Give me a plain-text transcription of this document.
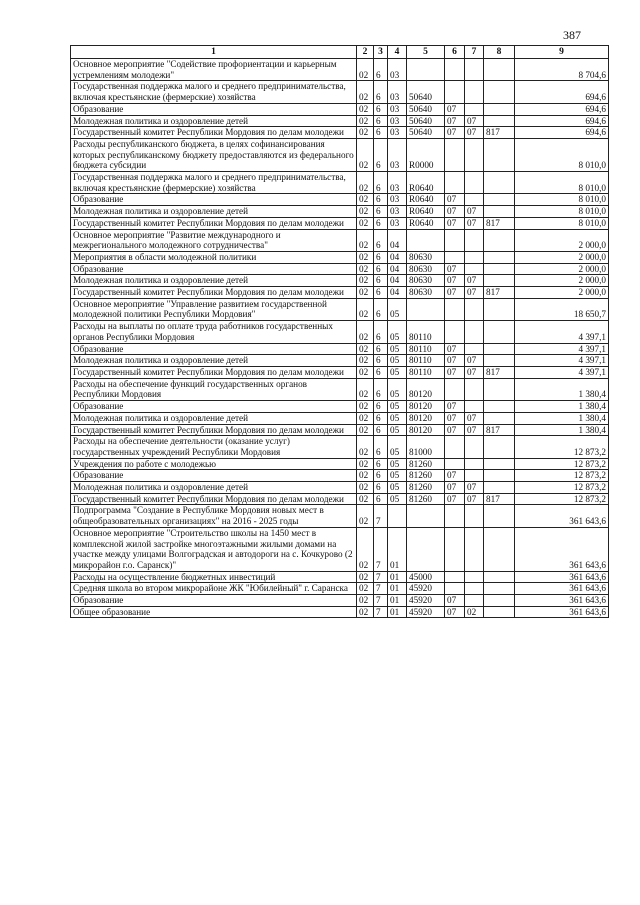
387
1	2	3	4	5	6	7	8	9
Основное мероприятие "Содействие профориентации и карьерным устремлениям молодежи"	02	6	03					8 704,6
Государственная поддержка малого и среднего предпринимательства, включая крестьянские (фермерские) хозяйства	02	6	03	50640				694,6
Образование	02	6	03	50640	07			694,6
Молодежная политика и оздоровление детей	02	6	03	50640	07	07		694,6
Государственный комитет Республики Мордовия по делам молодежи	02	6	03	50640	07	07	817	694,6
Расходы республиканского бюджета, в целях софинансирования которых республиканскому бюджету предоставляются из федерального бюджета субсидии	02	6	03	R0000				8 010,0
Государственная поддержка малого и среднего предпринимательства, включая крестьянские (фермерские) хозяйства	02	6	03	R0640				8 010,0
Образование	02	6	03	R0640	07			8 010,0
Молодежная политика и оздоровление детей	02	6	03	R0640	07	07		8 010,0
Государственный комитет Республики Мордовия по делам молодежи	02	6	03	R0640	07	07	817	8 010,0
Основное мероприятие "Развитие международного и межрегионального молодежного сотрудничества"	02	6	04					2 000,0
Мероприятия в области молодежной политики	02	6	04	80630				2 000,0
Образование	02	6	04	80630	07			2 000,0
Молодежная политика и оздоровление детей	02	6	04	80630	07	07		2 000,0
Государственный комитет Республики Мордовия по делам молодежи	02	6	04	80630	07	07	817	2 000,0
Основное мероприятие "Управление развитием государственной молодежной политики Республики Мордовия"	02	6	05					18 650,7
Расходы на выплаты по оплате труда работников государственных органов Республики Мордовия	02	6	05	80110				4 397,1
Образование	02	6	05	80110	07			4 397,1
Молодежная политика и оздоровление детей	02	6	05	80110	07	07		4 397,1
Государственный комитет Республики Мордовия по делам молодежи	02	6	05	80110	07	07	817	4 397,1
Расходы на обеспечение функций государственных органов Республики Мордовия	02	6	05	80120				1 380,4
Образование	02	6	05	80120	07			1 380,4
Молодежная политика и оздоровление детей	02	6	05	80120	07	07		1 380,4
Государственный комитет Республики Мордовия по делам молодежи	02	6	05	80120	07	07	817	1 380,4
Расходы на обеспечение деятельности (оказание услуг) государственных учреждений Республики Мордовия	02	6	05	81000				12 873,2
Учреждения по работе с молодежью	02	6	05	81260				12 873,2
Образование	02	6	05	81260	07			12 873,2
Молодежная политика и оздоровление детей	02	6	05	81260	07	07		12 873,2
Государственный комитет Республики Мордовия по делам молодежи	02	6	05	81260	07	07	817	12 873,2
Подпрограмма "Создание в Республике Мордовия новых мест в общеобразовательных организациях" на 2016 - 2025 годы	02	7						361 643,6
Основное мероприятие "Строительство школы на 1450 мест в комплексной жилой застройке многоэтажными жилыми домами на участке между улицами Волгоградская и автодороги на с. Кочкурово (2 микрорайон г.о. Саранск)"	02	7	01					361 643,6
Расходы на осуществление бюджетных инвестиций	02	7	01	45000				361 643,6
Средняя школа во втором микрорайоне ЖК "Юбилейный" г. Саранска	02	7	01	45920				361 643,6
Образование	02	7	01	45920	07			361 643,6
Общее образование	02	7	01	45920	07	02		361 643,6
